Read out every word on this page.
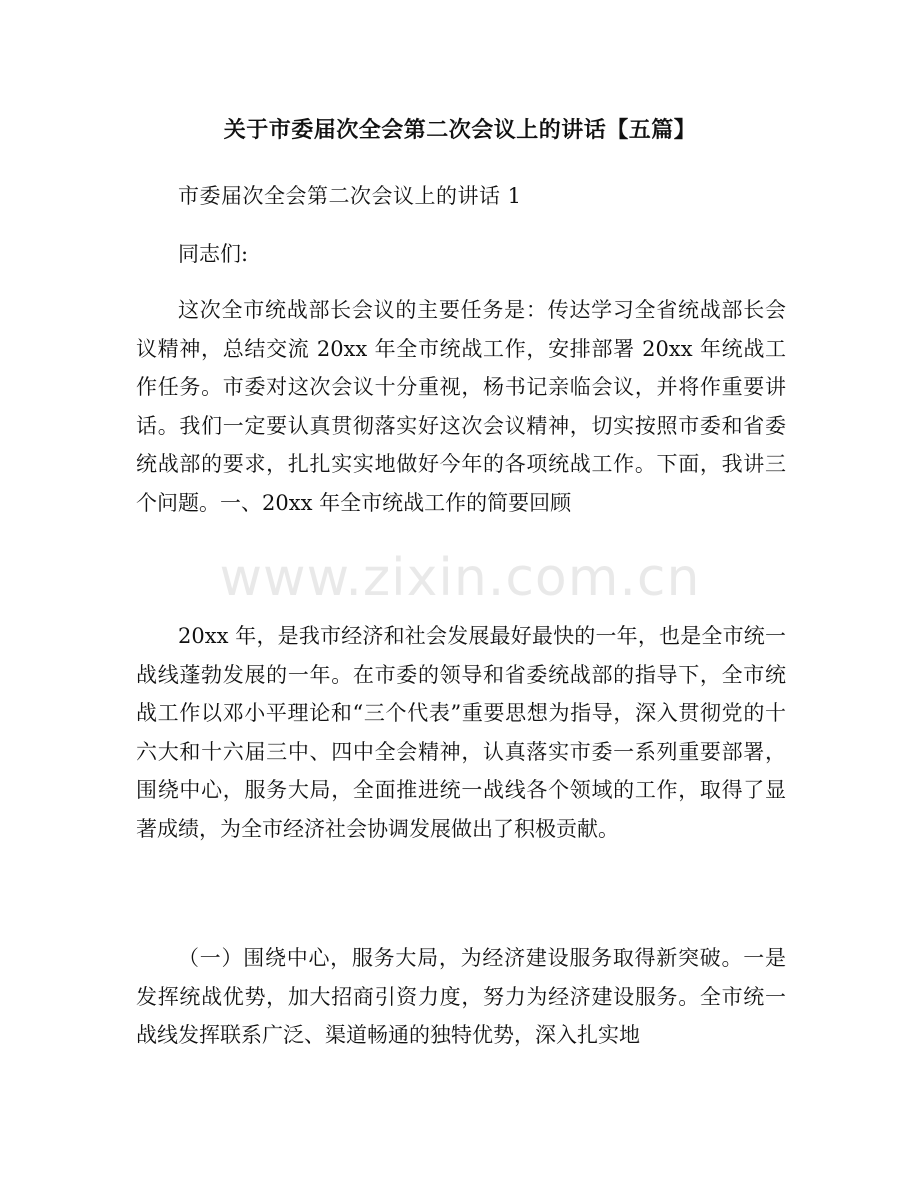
关于市委届次全会第二次会议上的讲话【五篇】

市委届次全会第二次会议上的讲话 1

同志们:

这次全市统战部长会议的主要任务是：传达学习全省统战部长会议精神，总结交流 20xx 年全市统战工作，安排部署 20xx 年统战工作任务。市委对这次会议十分重视，杨书记亲临会议，并将作重要讲话。我们一定要认真贯彻落实好这次会议精神，切实按照市委和省委统战部的要求，扎扎实实地做好今年的各项统战工作。下面，我讲三个问题。一、20xx 年全市统战工作的简要回顾

20xx 年，是我市经济和社会发展最好最快的一年，也是全市统一战线蓬勃发展的一年。在市委的领导和省委统战部的指导下，全市统战工作以邓小平理论和“三个代表”重要思想为指导，深入贯彻党的十六大和十六届三中、四中全会精神，认真落实市委一系列重要部署，围绕中心，服务大局，全面推进统一战线各个领域的工作，取得了显著成绩，为全市经济社会协调发展做出了积极贡献。

（一）围绕中心，服务大局，为经济建设服务取得新突破。一是发挥统战优势，加大招商引资力度，努力为经济建设服务。全市统一战线发挥联系广泛、渠道畅通的独特优势，深入扎实地

www.zixin.com.cn
